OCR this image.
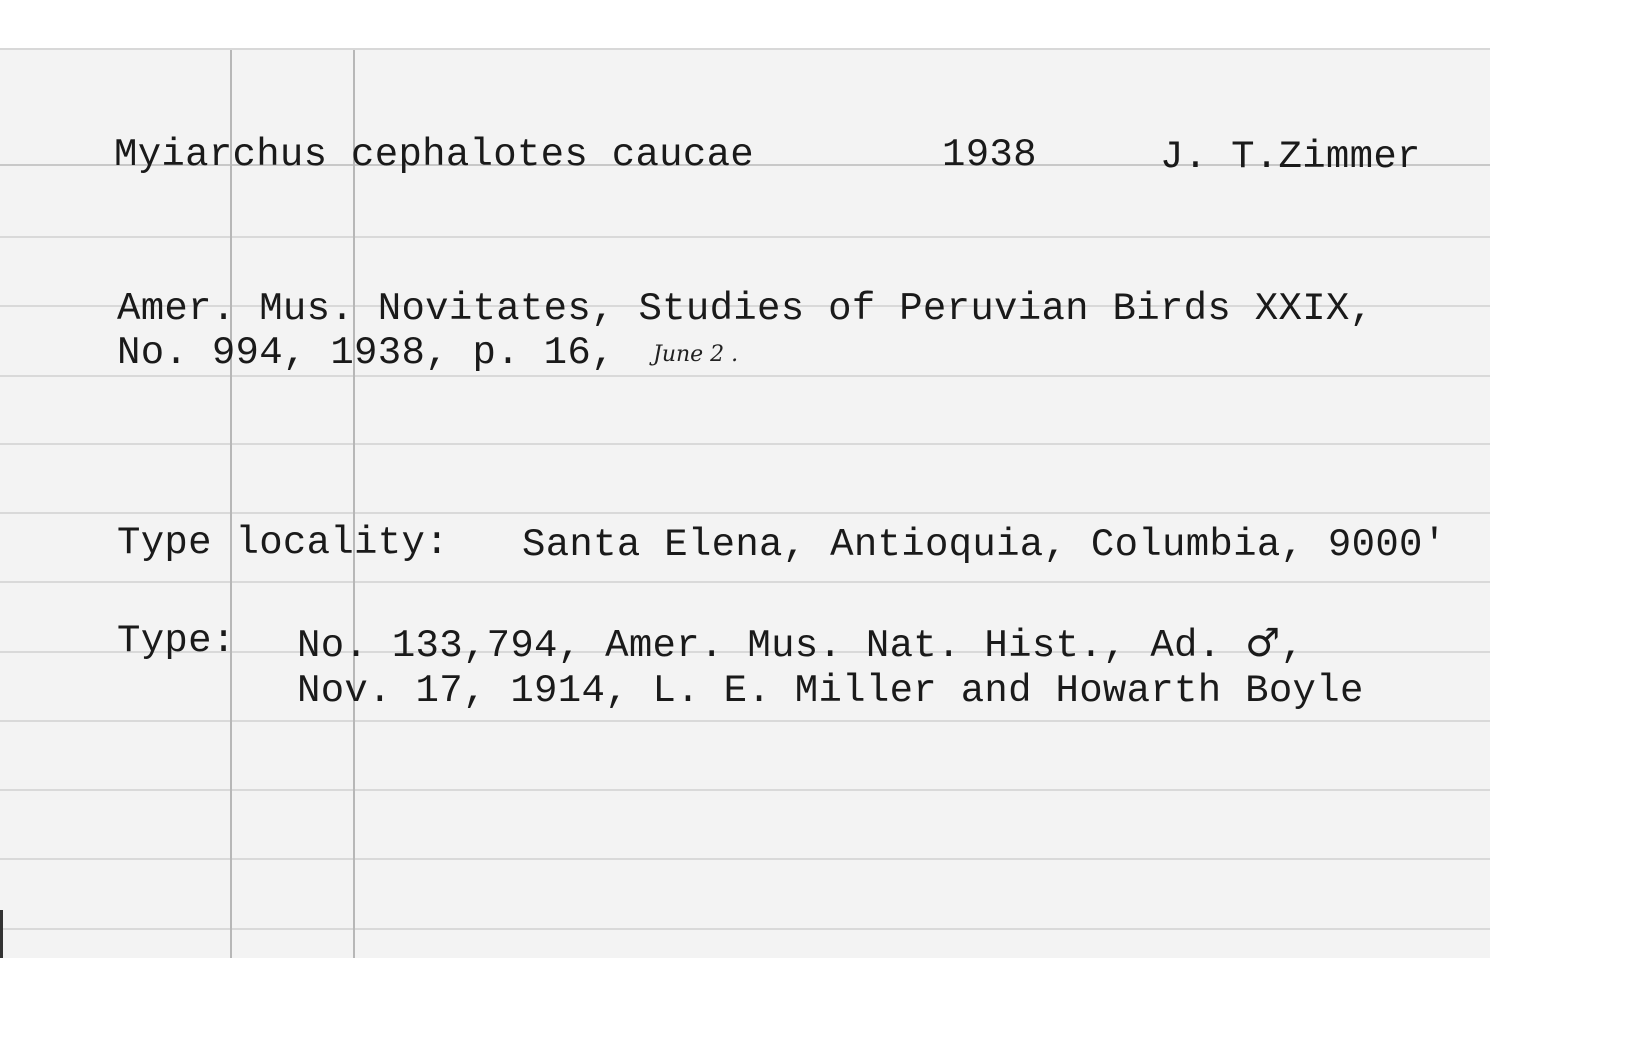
Myiarchus cephalotes caucae	1938	J. T.Zimmer
Amer. Mus. Novitates, Studies of Peruvian Birds XXIX,
No. 994, 1938, p. 16, June 2 .
Type locality: Santa Elena, Antioquia, Columbia, 9000'
Type: No. 133,794, Amer. Mus. Nat. Hist., Ad. ♂,
Nov. 17, 1914, L. E. Miller and Howarth Boyle
